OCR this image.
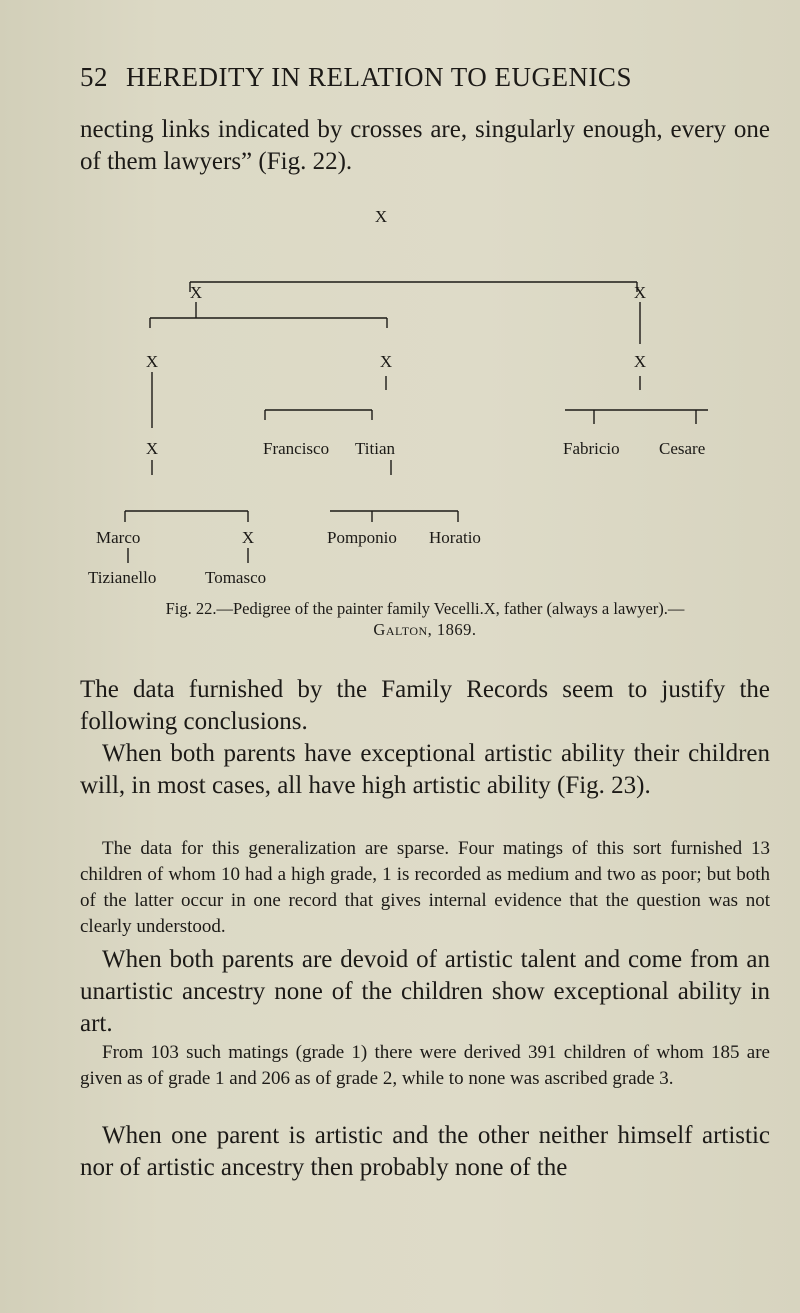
52 HEREDITY IN RELATION TO EUGENICS
necting links indicated by crosses are, singularly enough, every one of them lawyers” (Fig. 22).
X
X	X
X	X	X
X	Francisco Titian	Fabricio Cesare
Marco	X	Pomponio Horatio
Tizianello	Tomasco
Fig. 22.—Pedigree of the painter family Vecelli.X, father (always a lawyer).—
Galton, 1869.
The data furnished by the Family Records seem to justify the following conclusions.
When both parents have exceptional artistic ability their children will, in most cases, all have high artistic ability (Fig. 23).
The data for this generalization are sparse. Four matings of this sort furnished 13 children of whom 10 had a high grade, 1 is recorded as medium and two as poor; but both of the latter occur in one record that gives internal evidence that the question was not clearly understood.
When both parents are devoid of artistic talent and come from an unartistic ancestry none of the children show exceptional ability in art.
From 103 such matings (grade 1) there were derived 391 children of whom 185 are given as of grade 1 and 206 as of grade 2, while to none was ascribed grade 3.
When one parent is artistic and the other neither himself artistic nor of artistic ancestry then probably none of the
